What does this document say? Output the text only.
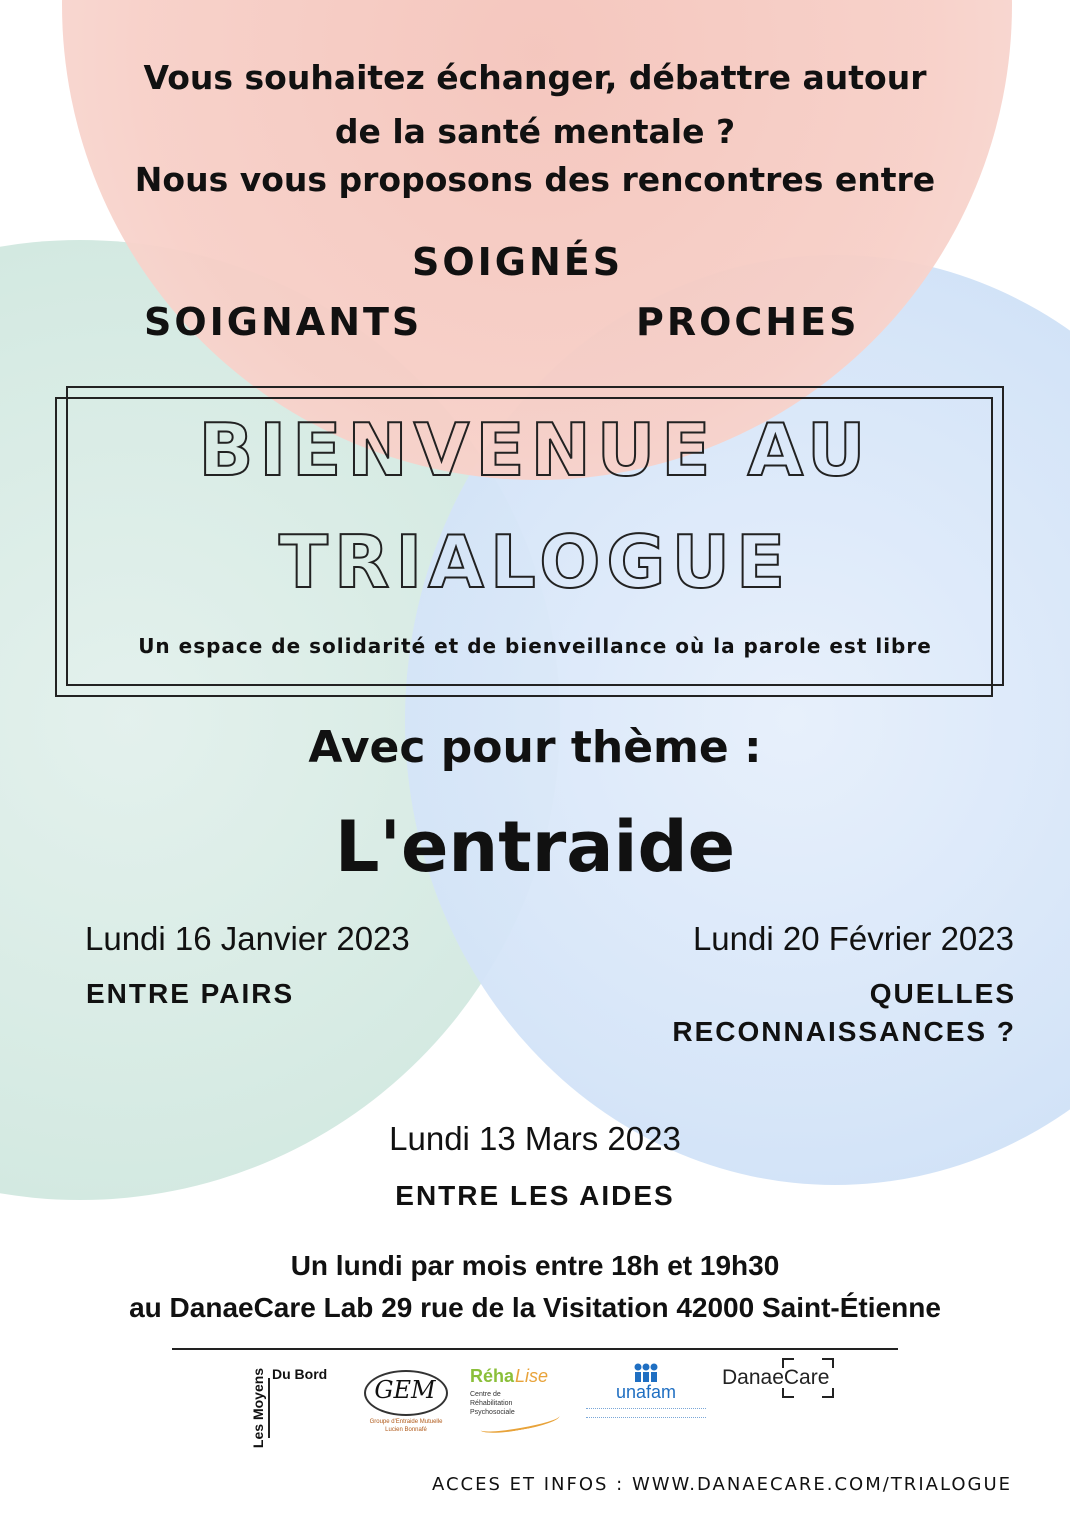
Vous souhaitez échanger, débattre autour
de la santé mentale ?
Nous vous proposons des rencontres entre
SOIGNÉS
SOIGNANTS	PROCHES
BIENVENUE AU
TRIALOGUE
Un espace de solidarité et de bienveillance où la parole est libre
Avec pour thème :
L'entraide
Lundi 16 Janvier 2023
ENTRE PAIRS
Lundi 20 Février 2023
QUELLES
RECONNAISSANCES ?
Lundi 13 Mars 2023
ENTRE LES AIDES
Un lundi par mois entre 18h et 19h30
au DanaeCare Lab 29 rue de la Visitation 42000 Saint-Étienne
Les Moyens Du Bord
GEM
Groupe d'Entraide Mutuelle Lucien Bonnafé
Réha Lise
Centre de Réhabilitation Psychosociale
unafam
DanaeCare
ACCES ET INFOS : WWW.DANAECARE.COM/TRIALOGUE
